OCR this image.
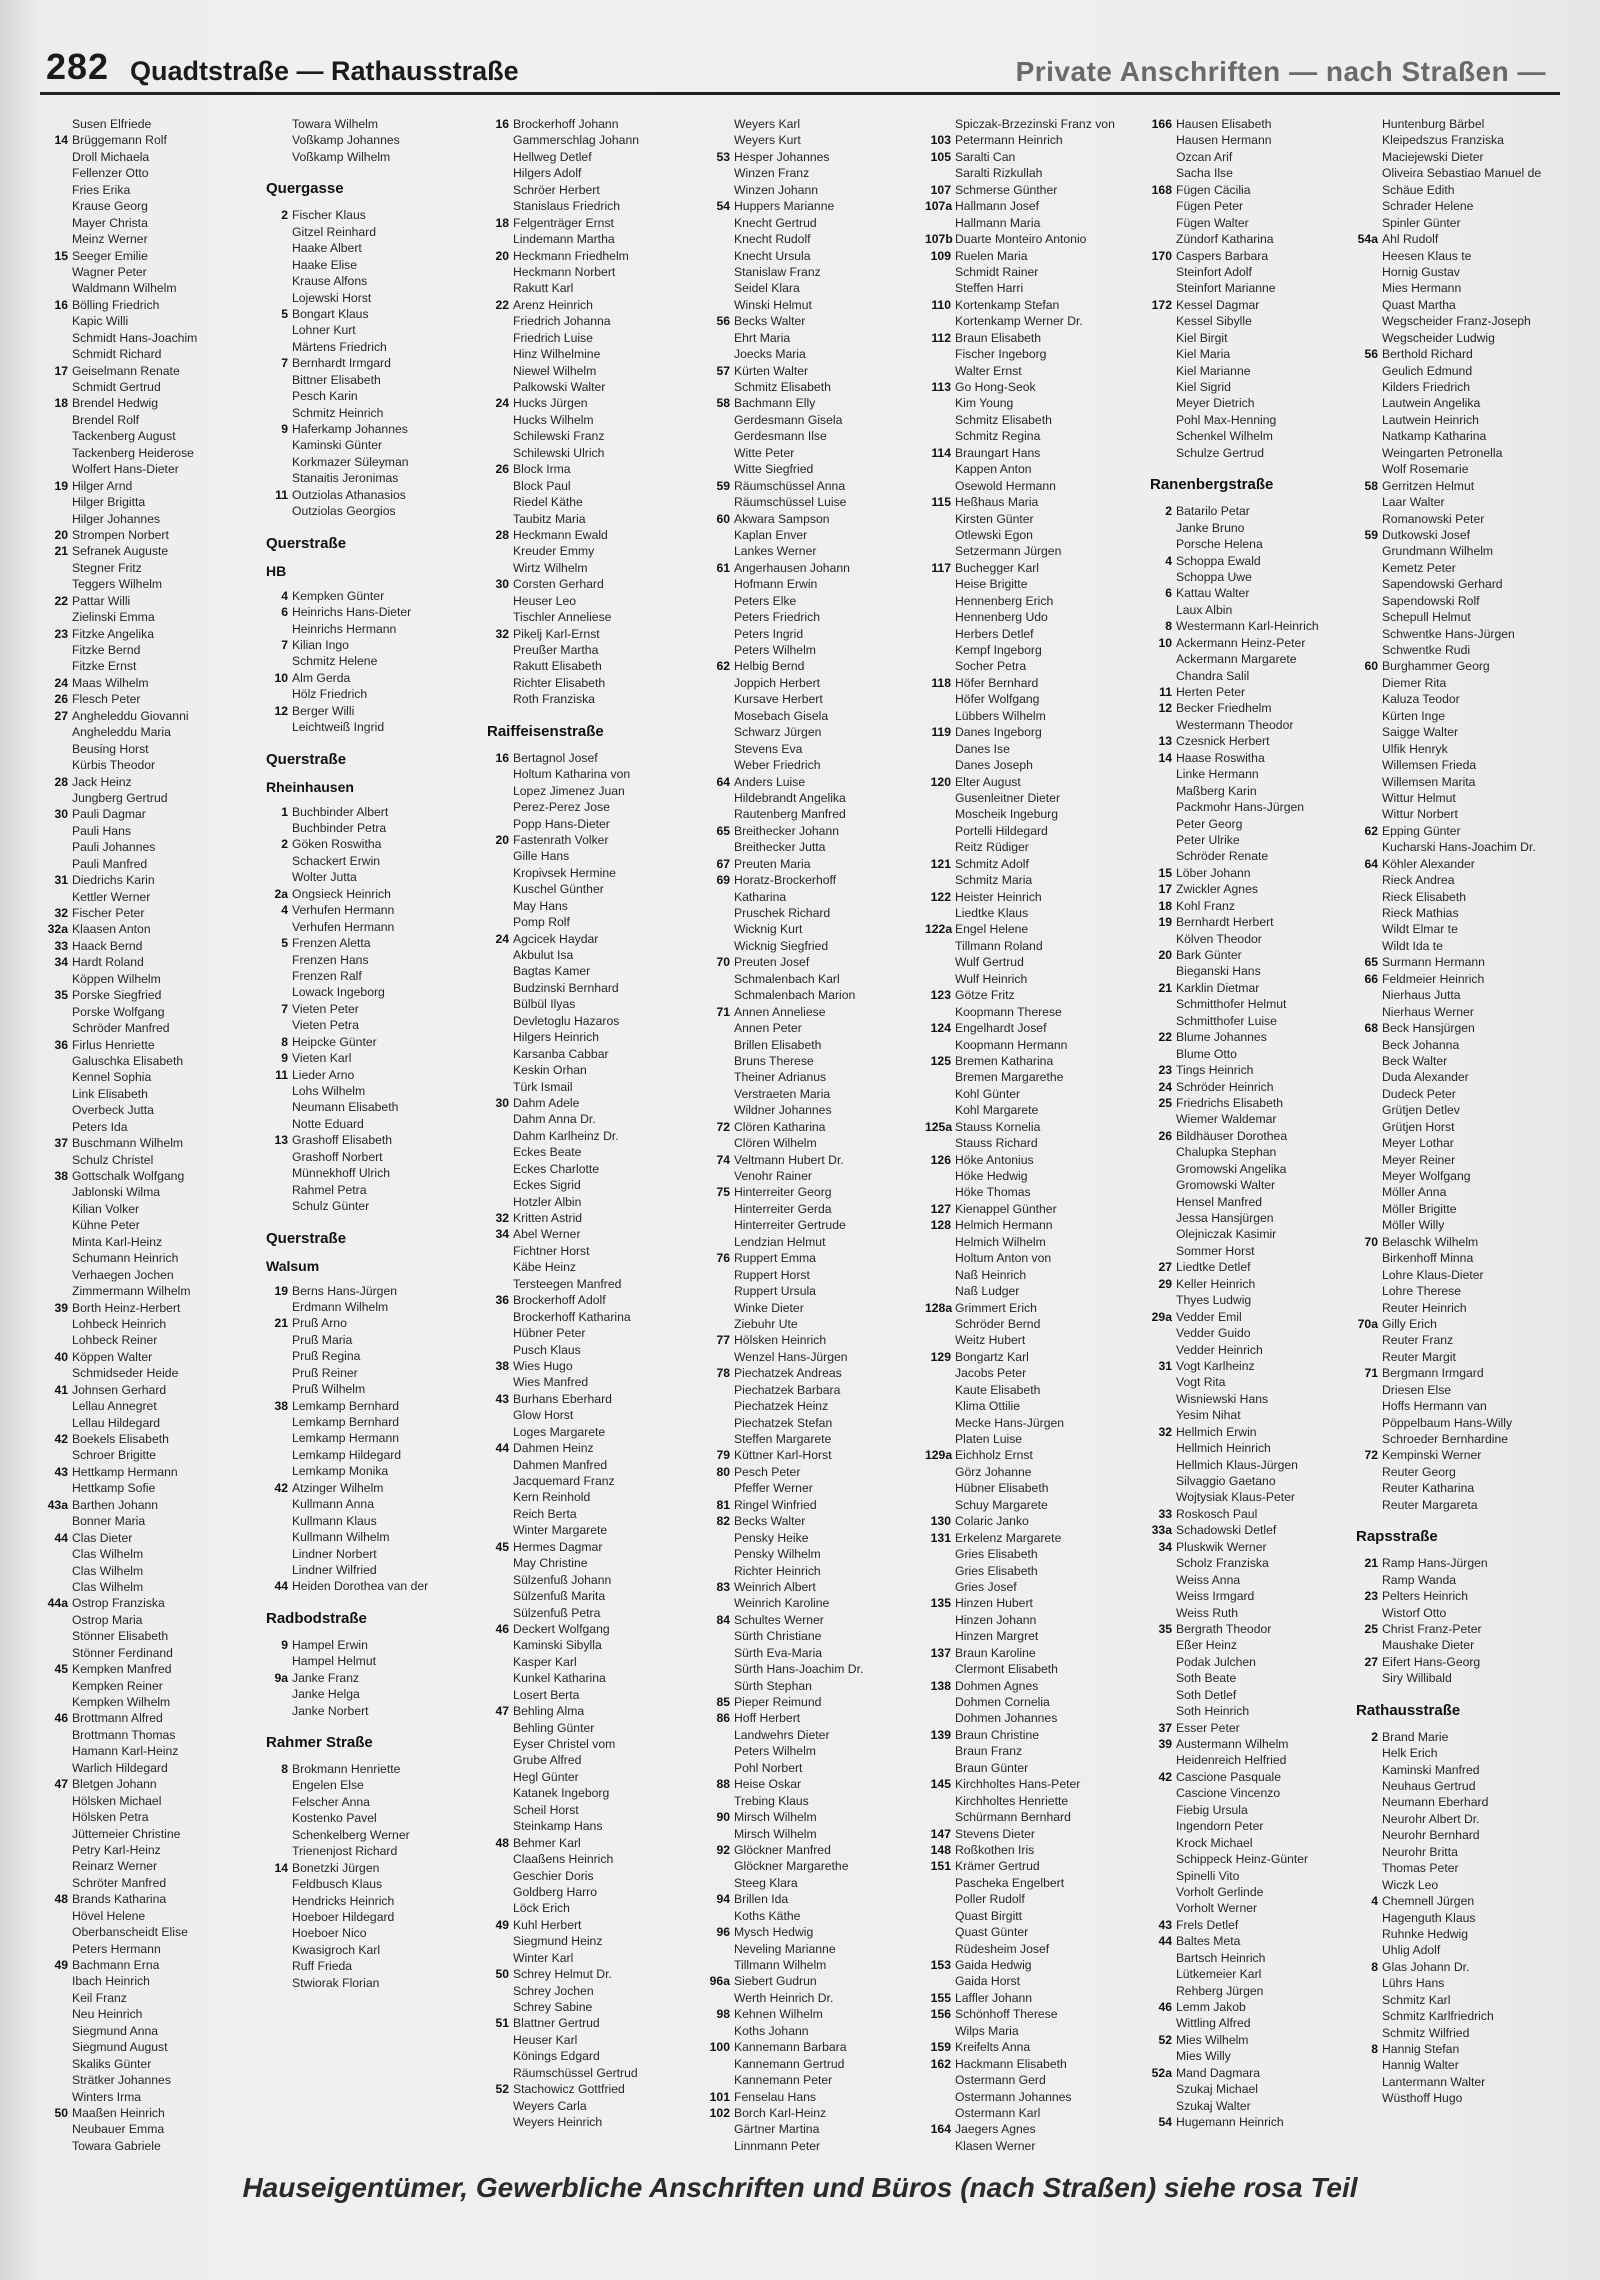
282 Quadtstraße — Rathausstraße	Private Anschriften — nach Straßen —
Susen Elfriede
14 Brüggemann Rolf
Droll Michaela
Fellenzer Otto
Fries Erika
Krause Georg
Mayer Christa
Meinz Werner
15 Seeger Emilie
Wagner Peter
Waldmann Wilhelm
16 Bölling Friedrich
Kapic Willi
Schmidt Hans-Joachim
Schmidt Richard
17 Geiselmann Renate
Schmidt Gertrud
18 Brendel Hedwig
Brendel Rolf
Tackenberg August
Tackenberg Heiderose
Wolfert Hans-Dieter
19 Hilger Arnd
Hilger Brigitta
Hilger Johannes
20 Strompen Norbert
21 Sefranek Auguste
Stegner Fritz
Teggers Wilhelm
22 Pattar Willi
Zielinski Emma
23 Fitzke Angelika
Fitzke Bernd
Fitzke Ernst
24 Maas Wilhelm
26 Flesch Peter
27 Angheleddu Giovanni
Angheleddu Maria
Beusing Horst
Kürbis Theodor
28 Jack Heinz
Jungberg Gertrud
30 Pauli Dagmar
Pauli Hans
Pauli Johannes
Pauli Manfred
31 Diedrichs Karin
Kettler Werner
32 Fischer Peter
32a Klaasen Anton
33 Haack Bernd
34 Hardt Roland
Köppen Wilhelm
35 Porske Siegfried
Porske Wolfgang
Schröder Manfred
36 Firlus Henriette
Galuschka Elisabeth
Kennel Sophia
Link Elisabeth
Overbeck Jutta
Peters Ida
37 Buschmann Wilhelm
Schulz Christel
38 Gottschalk Wolfgang
Jablonski Wilma
Kilian Volker
Kühne Peter
Minta Karl-Heinz
Schumann Heinrich
Verhaegen Jochen
Zimmermann Wilhelm
39 Borth Heinz-Herbert
Lohbeck Heinrich
Lohbeck Reiner
40 Köppen Walter
Schmidseder Heide
41 Johnsen Gerhard
Lellau Annegret
Lellau Hildegard
42 Boekels Elisabeth
Schroer Brigitte
43 Hettkamp Hermann
Hettkamp Sofie
43a Barthen Johann
Bonner Maria
44 Clas Dieter
Clas Wilhelm
Clas Wilhelm
Clas Wilhelm
44a Ostrop Franziska
Ostrop Maria
Stönner Elisabeth
Stönner Ferdinand
45 Kempken Manfred
Kempken Reiner
Kempken Wilhelm
46 Brottmann Alfred
Brottmann Thomas
Hamann Karl-Heinz
Warlich Hildegard
47 Bletgen Johann
Hölsken Michael
Hölsken Petra
Jüttemeier Christine
Petry Karl-Heinz
Reinarz Werner
Schröter Manfred
48 Brands Katharina
Hövel Helene
Oberbanscheidt Elise
Peters Hermann
49 Bachmann Erna
Ibach Heinrich
Keil Franz
Neu Heinrich
Siegmund Anna
Siegmund August
Skaliks Günter
Strätker Johannes
Winters Irma
50 Maaßen Heinrich
Neubauer Emma
Towara Gabriele
Towara Wilhelm
Voßkamp Johannes
Voßkamp Wilhelm
Quergasse
2 Fischer Klaus
Gitzel Reinhard
Haake Albert
Haake Elise
Krause Alfons
Lojewski Horst
5 Bongart Klaus
Lohner Kurt
Märtens Friedrich
7 Bernhardt Irmgard
Bittner Elisabeth
Pesch Karin
Schmitz Heinrich
9 Haferkamp Johannes
Kaminski Günter
Korkmazer Süleyman
Stanaitis Jeronimas
11 Outziolas Athanasios
Outziolas Georgios
Querstraße
HB
4 Kempken Günter
6 Heinrichs Hans-Dieter
Heinrichs Hermann
7 Kilian Ingo
Schmitz Helene
10 Alm Gerda
Hölz Friedrich
12 Berger Willi
Leichtweiß Ingrid
Querstraße
Rheinhausen
1 Buchbinder Albert
Buchbinder Petra
2 Göken Roswitha
Schackert Erwin
Wolter Jutta
2a Ongsieck Heinrich
4 Verhufen Hermann
Verhufen Hermann
5 Frenzen Aletta
Frenzen Hans
Frenzen Ralf
Lowack Ingeborg
7 Vieten Peter
Vieten Petra
8 Heipcke Günter
9 Vieten Karl
11 Lieder Arno
Lohs Wilhelm
Neumann Elisabeth
Notte Eduard
13 Grashoff Elisabeth
Grashoff Norbert
Münnekhoff Ulrich
Rahmel Petra
Schulz Günter
Querstraße
Walsum
19 Berns Hans-Jürgen
Erdmann Wilhelm
21 Pruß Arno
Pruß Maria
Pruß Regina
Pruß Reiner
Pruß Wilhelm
38 Lemkamp Bernhard
Lemkamp Bernhard
Lemkamp Hermann
Lemkamp Hildegard
Lemkamp Monika
42 Atzinger Wilhelm
Kullmann Anna
Kullmann Klaus
Kullmann Wilhelm
Lindner Norbert
Lindner Wilfried
44 Heiden Dorothea van der
Radbodstraße
9 Hampel Erwin
Hampel Helmut
9a Janke Franz
Janke Helga
Janke Norbert
Rahmer Straße
8 Brokmann Henriette
Engelen Else
Felscher Anna
Kostenko Pavel
Schenkelberg Werner
Trienenjost Richard
14 Bonetzki Jürgen
Feldbusch Klaus
Hendricks Heinrich
Hoeboer Hildegard
Hoeboer Nico
Kwasigroch Karl
Ruff Frieda
Stwiorak Florian
16 Brockerhoff Johann
Gammerschlag Johann
Hellweg Detlef
Hilgers Adolf
Schröer Herbert
Stanislaus Friedrich
18 Felgenträger Ernst
Lindemann Martha
20 Heckmann Friedhelm
Heckmann Norbert
Rakutt Karl
22 Arenz Heinrich
Friedrich Johanna
Friedrich Luise
Hinz Wilhelmine
Niewel Wilhelm
Palkowski Walter
24 Hucks Jürgen
Hucks Wilhelm
Schilewski Franz
Schilewski Ulrich
26 Block Irma
Block Paul
Riedel Käthe
Taubitz Maria
28 Heckmann Ewald
Kreuder Emmy
Wirtz Wilhelm
30 Corsten Gerhard
Heuser Leo
Tischler Anneliese
32 Pikelj Karl-Ernst
Preußer Martha
Rakutt Elisabeth
Richter Elisabeth
Roth Franziska
Raiffeisenstraße
16 Bertagnol Josef
Holtum Katharina von
Lopez Jimenez Juan
Perez-Perez Jose
Popp Hans-Dieter
20 Fastenrath Volker
Gille Hans
Kropivsek Hermine
Kuschel Günther
May Hans
Pomp Rolf
24 Agcicek Haydar
Akbulut Isa
Bagtas Kamer
Budzinski Bernhard
Bülbül Ilyas
Devletoglu Hazaros
Hilgers Heinrich
Karsanba Cabbar
Keskin Orhan
Türk Ismail
30 Dahm Adele
Dahm Anna Dr.
Dahm Karlheinz Dr.
Eckes Beate
Eckes Charlotte
Eckes Sigrid
Hotzler Albin
32 Kritten Astrid
34 Abel Werner
Fichtner Horst
Käbe Heinz
Tersteegen Manfred
36 Brockerhoff Adolf
Brockerhoff Katharina
Hübner Peter
Pusch Klaus
38 Wies Hugo
Wies Manfred
43 Burhans Eberhard
Glow Horst
Loges Margarete
44 Dahmen Heinz
Dahmen Manfred
Jacquemard Franz
Kern Reinhold
Reich Berta
Winter Margarete
45 Hermes Dagmar
May Christine
Sülzenfuß Johann
Sülzenfuß Marita
Sülzenfuß Petra
46 Deckert Wolfgang
Kaminski Sibylla
Kasper Karl
Kunkel Katharina
Losert Berta
47 Behling Alma
Behling Günter
Eyser Christel vom
Grube Alfred
Hegl Günter
Katanek Ingeborg
Scheil Horst
Steinkamp Hans
48 Behmer Karl
Claaßens Heinrich
Geschier Doris
Goldberg Harro
Löck Erich
49 Kuhl Herbert
Siegmund Heinz
Winter Karl
50 Schrey Helmut Dr.
Schrey Jochen
Schrey Sabine
51 Blattner Gertrud
Heuser Karl
Könings Edgard
Räumschüssel Gertrud
52 Stachowicz Gottfried
Weyers Carla
Weyers Heinrich
Weyers Karl
Weyers Kurt
53 Hesper Johannes
Winzen Franz
Winzen Johann
54 Huppers Marianne
Knecht Gertrud
Knecht Rudolf
Knecht Ursula
Stanislaw Franz
Seidel Klara
Winski Helmut
56 Becks Walter
Ehrt Maria
Joecks Maria
57 Kürten Walter
Schmitz Elisabeth
58 Bachmann Elly
Gerdesmann Gisela
Gerdesmann Ilse
Witte Peter
Witte Siegfried
59 Räumschüssel Anna
Räumschüssel Luise
60 Akwara Sampson
Kaplan Enver
Lankes Werner
61 Angerhausen Johann
Hofmann Erwin
Peters Elke
Peters Friedrich
Peters Ingrid
Peters Wilhelm
62 Helbig Bernd
Joppich Herbert
Kursave Herbert
Mosebach Gisela
Schwarz Jürgen
Stevens Eva
Weber Friedrich
64 Anders Luise
Hildebrandt Angelika
Rautenberg Manfred
65 Breithecker Johann
Breithecker Jutta
67 Preuten Maria
69 Horatz-Brockerhoff
Katharina
Pruschek Richard
Wicknig Kurt
Wicknig Siegfried
70 Preuten Josef
Schmalenbach Karl
Schmalenbach Marion
71 Annen Anneliese
Annen Peter
Brillen Elisabeth
Bruns Therese
Theiner Adrianus
Verstraeten Maria
Wildner Johannes
72 Clören Katharina
Clören Wilhelm
74 Veltmann Hubert Dr.
Venohr Rainer
75 Hinterreiter Georg
Hinterreiter Gerda
Hinterreiter Gertrude
Lendzian Helmut
76 Ruppert Emma
Ruppert Horst
Ruppert Ursula
Winke Dieter
Ziebuhr Ute
77 Hölsken Heinrich
Wenzel Hans-Jürgen
78 Piechatzek Andreas
Piechatzek Barbara
Piechatzek Heinz
Piechatzek Stefan
Steffen Margarete
79 Küttner Karl-Horst
80 Pesch Peter
Pfeffer Werner
81 Ringel Winfried
82 Becks Walter
Pensky Heike
Pensky Wilhelm
Richter Heinrich
83 Weinrich Albert
Weinrich Karoline
84 Schultes Werner
Sürth Christiane
Sürth Eva-Maria
Sürth Hans-Joachim Dr.
Sürth Stephan
85 Pieper Reimund
86 Hoff Herbert
Landwehrs Dieter
Peters Wilhelm
Pohl Norbert
88 Heise Oskar
Trebing Klaus
90 Mirsch Wilhelm
Mirsch Wilhelm
92 Glöckner Manfred
Glöckner Margarethe
Steeg Klara
94 Brillen Ida
Koths Käthe
96 Mysch Hedwig
Neveling Marianne
Tillmann Wilhelm
96a Siebert Gudrun
Werth Heinrich Dr.
98 Kehnen Wilhelm
Koths Johann
100 Kannemann Barbara
Kannemann Gertrud
Kannemann Peter
101 Fenselau Hans
102 Borch Karl-Heinz
Gärtner Martina
Linnmann Peter
Spiczak-Brzezinski Franz von
103 Petermann Heinrich
105 Saralti Can
Saralti Rizkullah
107 Schmerse Günther
107a Hallmann Josef
Hallmann Maria
107b Duarte Monteiro Antonio
109 Ruelen Maria
Schmidt Rainer
Steffen Harri
110 Kortenkamp Stefan
Kortenkamp Werner Dr.
112 Braun Elisabeth
Fischer Ingeborg
Walter Ernst
113 Go Hong-Seok
Kim Young
Schmitz Elisabeth
Schmitz Regina
114 Braungart Hans
Kappen Anton
Osewold Hermann
115 Heßhaus Maria
Kirsten Günter
Otlewski Egon
Setzermann Jürgen
117 Buchegger Karl
Heise Brigitte
Hennenberg Erich
Hennenberg Udo
Herbers Detlef
Kempf Ingeborg
Socher Petra
118 Höfer Bernhard
Höfer Wolfgang
Lübbers Wilhelm
119 Danes Ingeborg
Danes Ise
Danes Joseph
120 Elter August
Gusenleitner Dieter
Moscheik Ingeburg
Portelli Hildegard
Reitz Rüdiger
121 Schmitz Adolf
Schmitz Maria
122 Heister Heinrich
Liedtke Klaus
122a Engel Helene
Tillmann Roland
Wulf Gertrud
Wulf Heinrich
123 Götze Fritz
Koopmann Therese
124 Engelhardt Josef
Koopmann Hermann
125 Bremen Katharina
Bremen Margarethe
Kohl Günter
Kohl Margarete
125a Stauss Kornelia
Stauss Richard
126 Höke Antonius
Höke Hedwig
Höke Thomas
127 Kienappel Günther
128 Helmich Hermann
Helmich Wilhelm
Holtum Anton von
Naß Heinrich
Naß Ludger
128a Grimmert Erich
Schröder Bernd
Weitz Hubert
129 Bongartz Karl
Jacobs Peter
Kaute Elisabeth
Klima Ottilie
Mecke Hans-Jürgen
Platen Luise
129a Eichholz Ernst
Görz Johanne
Hübner Elisabeth
Schuy Margarete
130 Colaric Janko
131 Erkelenz Margarete
Gries Elisabeth
Gries Elisabeth
Gries Josef
135 Hinzen Hubert
Hinzen Johann
Hinzen Margret
137 Braun Karoline
Clermont Elisabeth
138 Dohmen Agnes
Dohmen Cornelia
Dohmen Johannes
139 Braun Christine
Braun Franz
Braun Günter
145 Kirchholtes Hans-Peter
Kirchholtes Henriette
Schürmann Bernhard
147 Stevens Dieter
148 Roßkothen Iris
151 Krämer Gertrud
Pascheka Engelbert
Poller Rudolf
Quast Birgitt
Quast Günter
Rüdesheim Josef
153 Gaida Hedwig
Gaida Horst
155 Laffler Johann
156 Schönhoff Therese
Wilps Maria
159 Kreifelts Anna
162 Hackmann Elisabeth
Ostermann Gerd
Ostermann Johannes
Ostermann Karl
164 Jaegers Agnes
Klasen Werner
166 Hausen Elisabeth
Hausen Hermann
Ozcan Arif
Sacha Ilse
168 Fügen Cäcilia
Fügen Peter
Fügen Walter
Zündorf Katharina
170 Caspers Barbara
Steinfort Adolf
Steinfort Marianne
172 Kessel Dagmar
Kessel Sibylle
Kiel Birgit
Kiel Maria
Kiel Marianne
Kiel Sigrid
Meyer Dietrich
Pohl Max-Henning
Schenkel Wilhelm
Schulze Gertrud
Ranenbergstraße
2 Batarilo Petar
Janke Bruno
Porsche Helena
4 Schoppa Ewald
Schoppa Uwe
6 Kattau Walter
Laux Albin
8 Westermann Karl-Heinrich
10 Ackermann Heinz-Peter
Ackermann Margarete
Chandra Salil
11 Herten Peter
12 Becker Friedhelm
Westermann Theodor
13 Czesnick Herbert
14 Haase Roswitha
Linke Hermann
Maßberg Karin
Packmohr Hans-Jürgen
Peter Georg
Peter Ulrike
Schröder Renate
15 Löber Johann
17 Zwickler Agnes
18 Kohl Franz
19 Bernhardt Herbert
Kölven Theodor
20 Bark Günter
Bieganski Hans
21 Karklin Dietmar
Schmitthofer Helmut
Schmitthofer Luise
22 Blume Johannes
Blume Otto
23 Tings Heinrich
24 Schröder Heinrich
25 Friedrichs Elisabeth
Wiemer Waldemar
26 Bildhäuser Dorothea
Chalupka Stephan
Gromowski Angelika
Gromowski Walter
Hensel Manfred
Jessa Hansjürgen
Olejniczak Kasimir
Sommer Horst
27 Liedtke Detlef
29 Keller Heinrich
Thyes Ludwig
29a Vedder Emil
Vedder Guido
Vedder Heinrich
31 Vogt Karlheinz
Vogt Rita
Wisniewski Hans
Yesim Nihat
32 Hellmich Erwin
Hellmich Heinrich
Hellmich Klaus-Jürgen
Silvaggio Gaetano
Wojtysiak Klaus-Peter
33 Roskosch Paul
33a Schadowski Detlef
34 Pluskwik Werner
Scholz Franziska
Weiss Anna
Weiss Irmgard
Weiss Ruth
35 Bergrath Theodor
Eßer Heinz
Podak Julchen
Soth Beate
Soth Detlef
Soth Heinrich
37 Esser Peter
39 Austermann Wilhelm
Heidenreich Helfried
42 Cascione Pasquale
Cascione Vincenzo
Fiebig Ursula
Ingendorn Peter
Krock Michael
Schippeck Heinz-Günter
Spinelli Vito
Vorholt Gerlinde
Vorholt Werner
43 Frels Detlef
44 Baltes Meta
Bartsch Heinrich
Lütkemeier Karl
Rehberg Jürgen
46 Lemm Jakob
Wittling Alfred
52 Mies Wilhelm
Mies Willy
52a Mand Dagmara
Szukaj Michael
Szukaj Walter
54 Hugemann Heinrich
Huntenburg Bärbel
Kleipedszus Franziska
Maciejewski Dieter
Oliveira Sebastiao Manuel de
Schäue Edith
Schrader Helene
Spinler Günter
54a Ahl Rudolf
Heesen Klaus te
Hornig Gustav
Mies Hermann
Quast Martha
Wegscheider Franz-Joseph
Wegscheider Ludwig
56 Berthold Richard
Geulich Edmund
Kilders Friedrich
Lautwein Angelika
Lautwein Heinrich
Natkamp Katharina
Weingarten Petronella
Wolf Rosemarie
58 Gerritzen Helmut
Laar Walter
Romanowski Peter
59 Dutkowski Josef
Grundmann Wilhelm
Kemetz Peter
Sapendowski Gerhard
Sapendowski Rolf
Schepull Helmut
Schwentke Hans-Jürgen
Schwentke Rudi
60 Burghammer Georg
Diemer Rita
Kaluza Teodor
Kürten Inge
Saigge Walter
Ulfik Henryk
Willemsen Frieda
Willemsen Marita
Wittur Helmut
Wittur Norbert
62 Epping Günter
Kucharski Hans-Joachim Dr.
64 Köhler Alexander
Rieck Andrea
Rieck Elisabeth
Rieck Mathias
Wildt Elmar te
Wildt Ida te
65 Surmann Hermann
66 Feldmeier Heinrich
Nierhaus Jutta
Nierhaus Werner
68 Beck Hansjürgen
Beck Johanna
Beck Walter
Duda Alexander
Dudeck Peter
Grütjen Detlev
Grütjen Horst
Meyer Lothar
Meyer Reiner
Meyer Wolfgang
Möller Anna
Möller Brigitte
Möller Willy
70 Belaschk Wilhelm
Birkenhoff Minna
Lohre Klaus-Dieter
Lohre Therese
Reuter Heinrich
70a Gilly Erich
Reuter Franz
Reuter Margit
71 Bergmann Irmgard
Driesen Else
Hoffs Hermann van
Pöppelbaum Hans-Willy
Schroeder Bernhardine
72 Kempinski Werner
Reuter Georg
Reuter Katharina
Reuter Margareta
Rapsstraße
21 Ramp Hans-Jürgen
Ramp Wanda
23 Pelters Heinrich
Wistorf Otto
25 Christ Franz-Peter
Maushake Dieter
27 Eifert Hans-Georg
Siry Willibald
Rathausstraße
2 Brand Marie
Helk Erich
Kaminski Manfred
Neuhaus Gertrud
Neumann Eberhard
Neurohr Albert Dr.
Neurohr Bernhard
Neurohr Britta
Thomas Peter
Wiczk Leo
4 Chemnell Jürgen
Hagenguth Klaus
Ruhnke Hedwig
Uhlig Adolf
8 Glas Johann Dr.
Lührs Hans
Schmitz Karl
Schmitz Karlfriedrich
Schmitz Wilfried
8 Hannig Stefan
Hannig Walter
Lantermann Walter
Wüsthoff Hugo
Hauseigentümer, Gewerbliche Anschriften und Büros (nach Straßen) siehe rosa Teil
